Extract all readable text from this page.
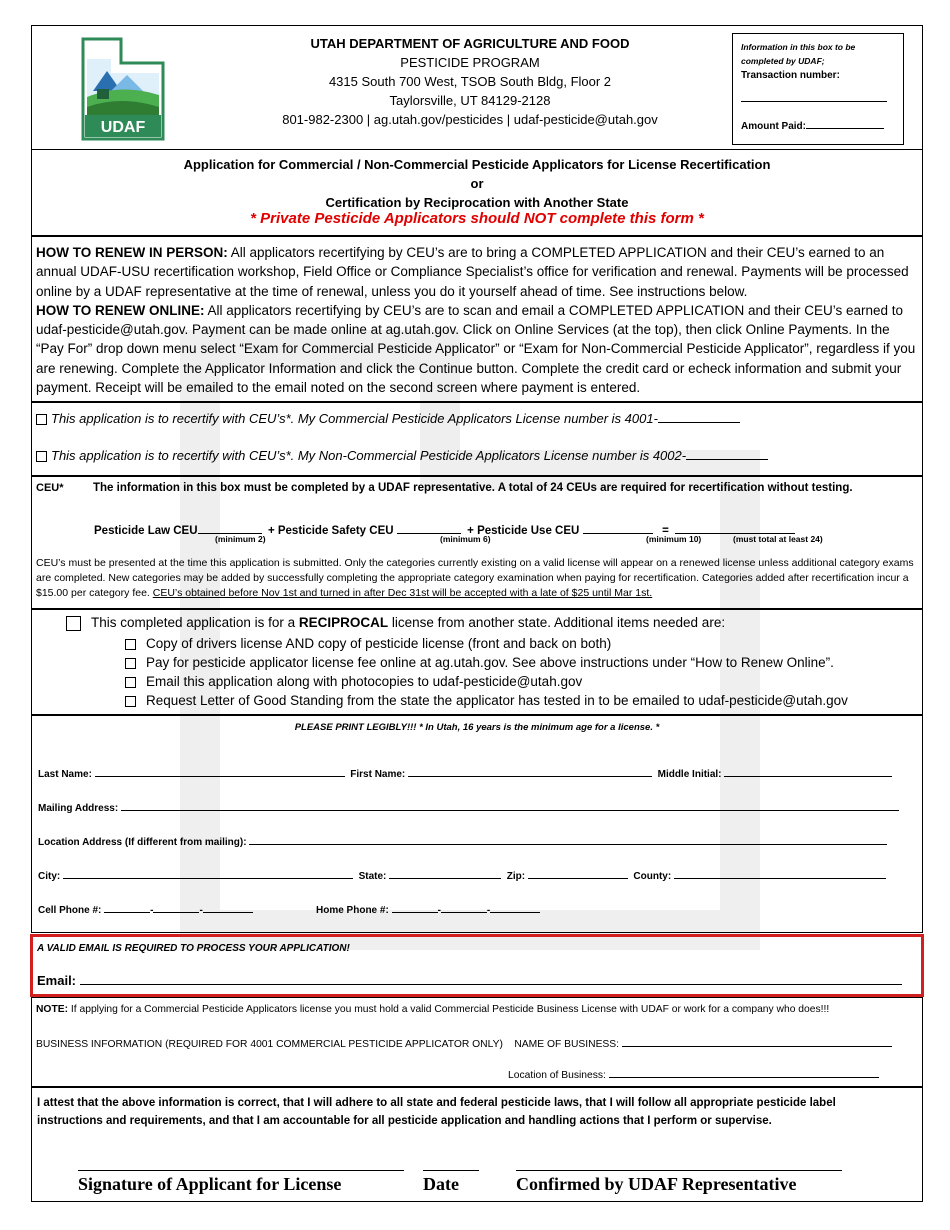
UDAF
UTAH DEPARTMENT OF AGRICULTURE AND FOOD
PESTICIDE PROGRAM
4315 South 700 West, TSOB South Bldg, Floor 2
Taylorsville, UT 84129-2128
801-982-2300 | ag.utah.gov/pesticides | udaf-pesticide@utah.gov
Information in this box to be completed by UDAF;
Transaction number:
Amount Paid:
Application for Commercial / Non-Commercial Pesticide Applicators for License Recertification
or
Certification by Reciprocation with Another State
* Private Pesticide Applicators should NOT complete this form *
HOW TO RENEW IN PERSON: All applicators recertifying by CEU’s are to bring a COMPLETED APPLICATION and their CEU’s earned to an annual UDAF-USU recertification workshop, Field Office or Compliance Specialist’s office for verification and renewal. Payments will be processed online by a UDAF representative at the time of renewal, unless you do it yourself ahead of time. See instructions below.
HOW TO RENEW ONLINE: All applicators recertifying by CEU’s are to scan and email a COMPLETED APPLICATION and their CEU’s earned to udaf-pesticide@utah.gov. Payment can be made online at ag.utah.gov. Click on Online Services (at the top), then click Online Payments. In the “Pay For” drop down menu select “Exam for Commercial Pesticide Applicator” or “Exam for Non-Commercial Pesticide Applicator”, regardless if you are renewing. Complete the Applicator Information and click the Continue button. Complete the credit card or echeck information and submit your payment. Receipt will be emailed to the email noted on the second screen where payment is entered.
This application is to recertify with CEU’s*. My Commercial Pesticide Applicators License number is 4001-
This application is to recertify with CEU’s*. My Non-Commercial Pesticide Applicators License number is 4002-
CEU*	The information in this box must be completed by a UDAF representative. A total of 24 CEUs are required for recertification without testing.
Pesticide Law CEU	+ Pesticide Safety CEU	+ Pesticide Use CEU	=
(minimum 2)	(minimum 6)	(minimum 10)	(must total at least 24)
CEU’s must be presented at the time this application is submitted. Only the categories currently existing on a valid license will appear on a renewed license unless additional category exams are completed. New categories may be added by successfully completing the appropriate category examination when paying for recertification. Categories added after recertification incur a $15.00 per category fee. CEU’s obtained before Nov 1st and turned in after Dec 31st will be accepted with a late of $25 until Mar 1st.
This completed application is for a RECIPROCAL license from another state. Additional items needed are:
Copy of drivers license AND copy of pesticide license (front and back on both)
Pay for pesticide applicator license fee online at ag.utah.gov. See above instructions under “How to Renew Online”.
Email this application along with photocopies to udaf-pesticide@utah.gov
Request Letter of Good Standing from the state the applicator has tested in to be emailed to udaf-pesticide@utah.gov
PLEASE PRINT LEGIBLY!!! * In Utah, 16 years is the minimum age for a license. *
Last Name:	First Name:	Middle Initial:
Mailing Address:
Location Address (If different from mailing):
City:	State:	Zip:	County:
Cell Phone #:	-	-	Home Phone #:	-	-
A VALID EMAIL IS REQUIRED TO PROCESS YOUR APPLICATION!
Email:
NOTE: If applying for a Commercial Pesticide Applicators license you must hold a valid Commercial Pesticide Business License with UDAF or work for a company who does!!!
BUSINESS INFORMATION (REQUIRED FOR 4001 COMMERCIAL PESTICIDE APPLICATOR ONLY) NAME OF BUSINESS:
Location of Business:
I attest that the above information is correct, that I will adhere to all state and federal pesticide laws, that I will follow all appropriate pesticide label instructions and requirements, and that I am accountable for all pesticide application and handling actions that I perform or supervise.
Signature of Applicant for License	Date	Confirmed by UDAF Representative
